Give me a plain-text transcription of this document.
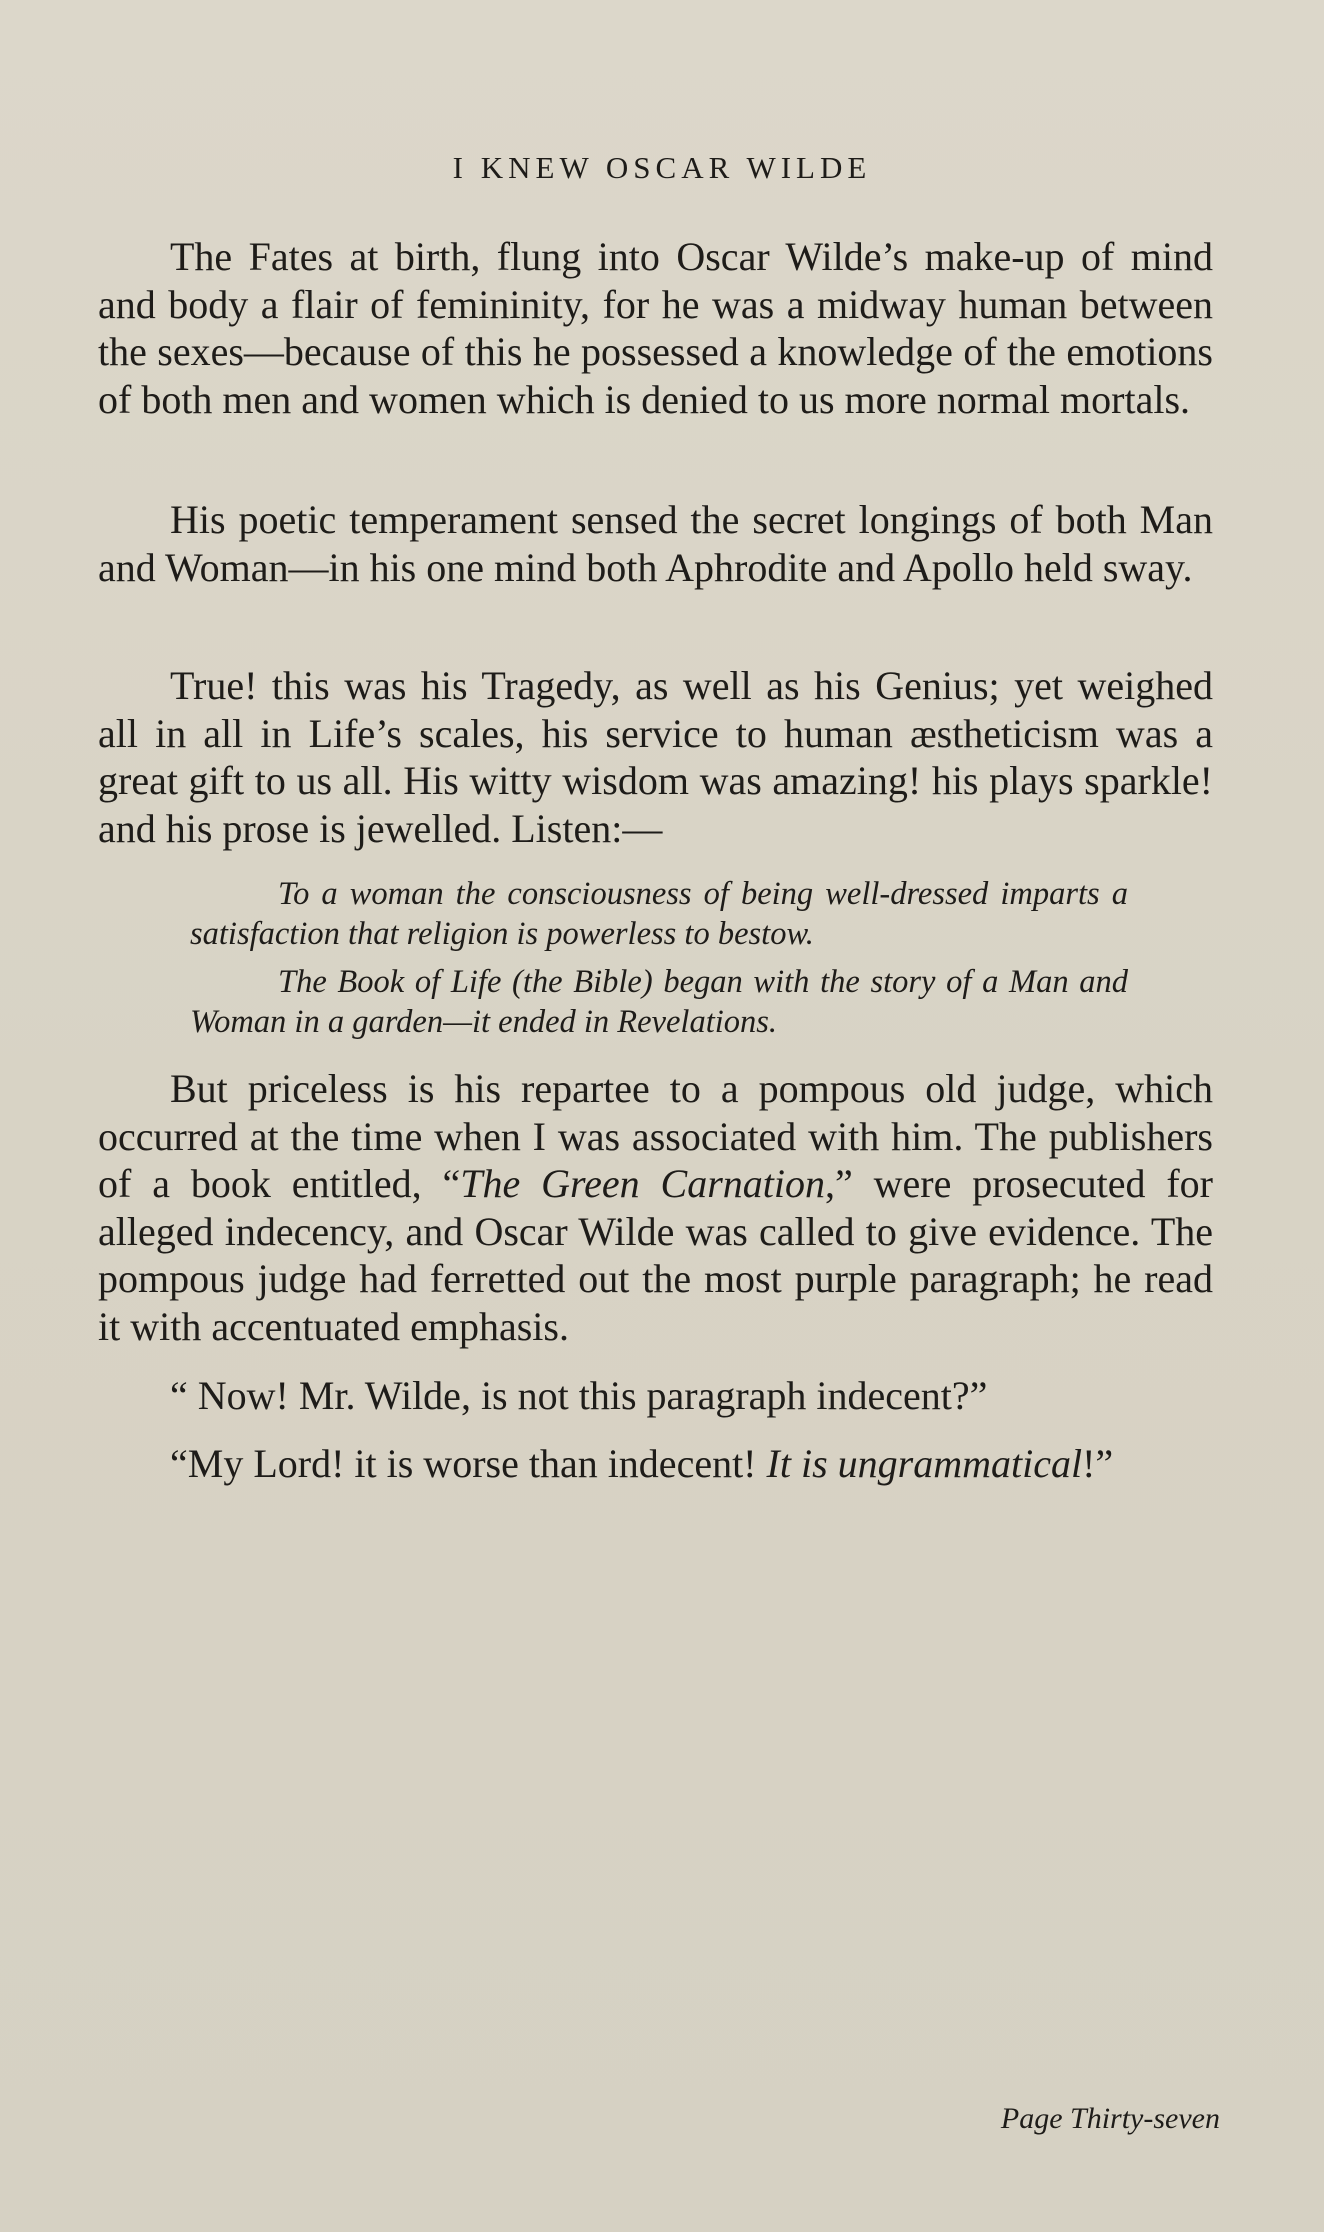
I KNEW OSCAR WILDE

The Fates at birth, flung into Oscar Wilde’s make-up of mind and body a flair of femininity, for he was a midway human between the sexes—because of this he possessed a knowledge of the emotions of both men and women which is denied to us more normal mortals.

His poetic temperament sensed the secret longings of both Man and Woman—in his one mind both Aphrodite and Apollo held sway.

True! this was his Tragedy, as well as his Genius; yet weighed all in all in Life’s scales, his service to human æstheticism was a great gift to us all. His witty wisdom was amazing! his plays sparkle! and his prose is jewelled. Listen:—

To a woman the consciousness of being well-dressed imparts a satisfaction that religion is powerless to bestow.

The Book of Life (the Bible) began with the story of a Man and Woman in a garden—it ended in Revelations.

But priceless is his repartee to a pompous old judge, which occurred at the time when I was associated with him. The publishers of a book entitled, “The Green Carnation,” were prosecuted for alleged indecency, and Oscar Wilde was called to give evidence. The pompous judge had ferretted out the most purple paragraph; he read it with accentuated emphasis.

“ Now! Mr. Wilde, is not this paragraph indecent?”

“My Lord! it is worse than indecent! It is ungrammatical!”

Page Thirty-seven
